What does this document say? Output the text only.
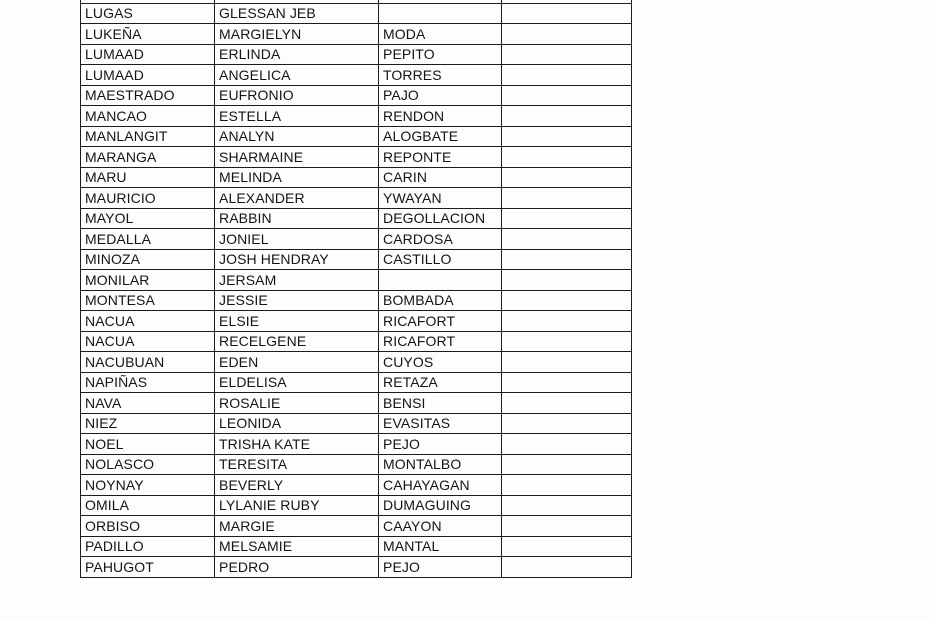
LUGAS	GLESSAN JEB		
LUKEÑA	MARGIELYN	MODA	
LUMAAD	ERLINDA	PEPITO	
LUMAAD	ANGELICA	TORRES	
MAESTRADO	EUFRONIO	PAJO	
MANCAO	ESTELLA	RENDON	
MANLANGIT	ANALYN	ALOGBATE	
MARANGA	SHARMAINE	REPONTE	
MARU	MELINDA	CARIN	
MAURICIO	ALEXANDER	YWAYAN	
MAYOL	RABBIN	DEGOLLACION	
MEDALLA	JONIEL	CARDOSA	
MINOZA	JOSH HENDRAY	CASTILLO	
MONILAR	JERSAM		
MONTESA	JESSIE	BOMBADA	
NACUA	ELSIE	RICAFORT	
NACUA	RECELGENE	RICAFORT	
NACUBUAN	EDEN	CUYOS	
NAPIÑAS	ELDELISA	RETAZA	
NAVA	ROSALIE	BENSI	
NIEZ	LEONIDA	EVASITAS	
NOEL	TRISHA KATE	PEJO	
NOLASCO	TERESITA	MONTALBO	
NOYNAY	BEVERLY	CAHAYAGAN	
OMILA	LYLANIE RUBY	DUMAGUING	
ORBISO	MARGIE	CAAYON	
PADILLO	MELSAMIE	MANTAL	
PAHUGOT	PEDRO	PEJO	
